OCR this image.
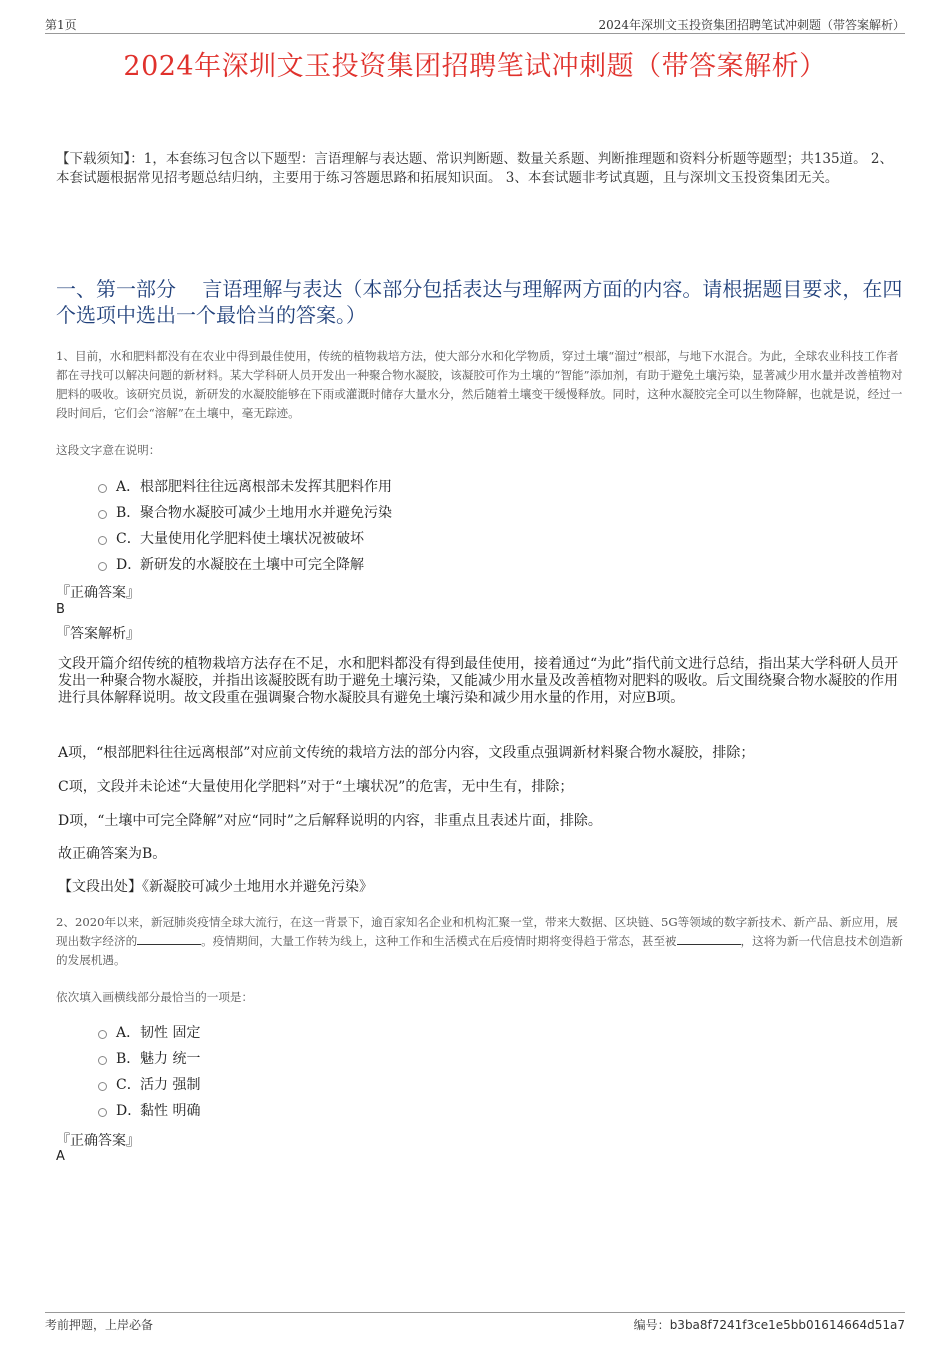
第1页	2024年深圳文玉投资集团招聘笔试冲刺题（带答案解析）
2024年深圳文玉投资集团招聘笔试冲刺题（带答案解析）
【下载须知】：1，本套练习包含以下题型：言语理解与表达题、常识判断题、数量关系题、判断推理题和资料分析题等题型；共135道。 2、本套试题根据常见招考题总结归纳，主要用于练习答题思路和拓展知识面。 3、本套试题非考试真题，且与深圳文玉投资集团无关。
一、第一部分　 言语理解与表达（本部分包括表达与理解两方面的内容。请根据题目要求，在四个选项中选出一个最恰当的答案。）
1、目前，水和肥料都没有在农业中得到最佳使用，传统的植物栽培方法，使大部分水和化学物质，穿过土壤“溜过”根部，与地下水混合。为此，全球农业科技工作者都在寻找可以解决问题的新材料。某大学科研人员开发出一种聚合物水凝胶，该凝胶可作为土壤的“智能”添加剂，有助于避免土壤污染，显著减少用水量并改善植物对肥料的吸收。该研究员说，新研发的水凝胶能够在下雨或灌溉时储存大量水分，然后随着土壤变干缓慢释放。同时，这种水凝胶完全可以生物降解，也就是说，经过一段时间后，它们会“溶解”在土壤中，毫无踪迹。
这段文字意在说明：
A． 根部肥料往往远离根部未发挥其肥料作用
B． 聚合物水凝胶可减少土地用水并避免污染
C． 大量使用化学肥料使土壤状况被破坏
D．
新研发的水凝胶在土壤中可完全降解
『正确答案』
B
『答案解析』
文段开篇介绍传统的植物栽培方法存在不足，水和肥料都没有得到最佳使用，接着通过“为此”指代前文进行总结，指出某大学科研人员开发出一种聚合物水凝胶，并指出该凝胶既有助于避免土壤污染，又能减少用水量及改善植物对肥料的吸收。后文围绕聚合物水凝胶的作用进行具体解释说明。故文段重在强调聚合物水凝胶具有避免土壤污染和减少用水量的作用，对应B项。
A项，“根部肥料往往远离根部”对应前文传统的栽培方法的部分内容，文段重点强调新材料聚合物水凝胶，排除；
C项，文段并未论述“大量使用化学肥料”对于“土壤状况”的危害，无中生有，排除；
D项，“土壤中可完全降解”对应“同时”之后解释说明的内容，非重点且表述片面，排除。
故正确答案为B。
【文段出处】《新凝胶可减少土地用水并避免污染》
2、2020年以来，新冠肺炎疫情全球大流行，在这一背景下，逾百家知名企业和机构汇聚一堂，带来大数据、区块链、5G等领域的数字新技术、新产品、新应用，展现出数字经济的	。疫情期间，大量工作转为线上，这种工作和生活模式在后疫情时期将变得趋于常态，甚至被	，这将为新一代信息技术创造新的发展机遇。
依次填入画横线部分最恰当的一项是：
A． 韧性 固定
B． 魅力 统一
C． 活力 强制
D．
黏性 明确
『正确答案』
A
考前押题，上岸必备	编号：b3ba8f7241f3ce1e5bb01614664d51a7
